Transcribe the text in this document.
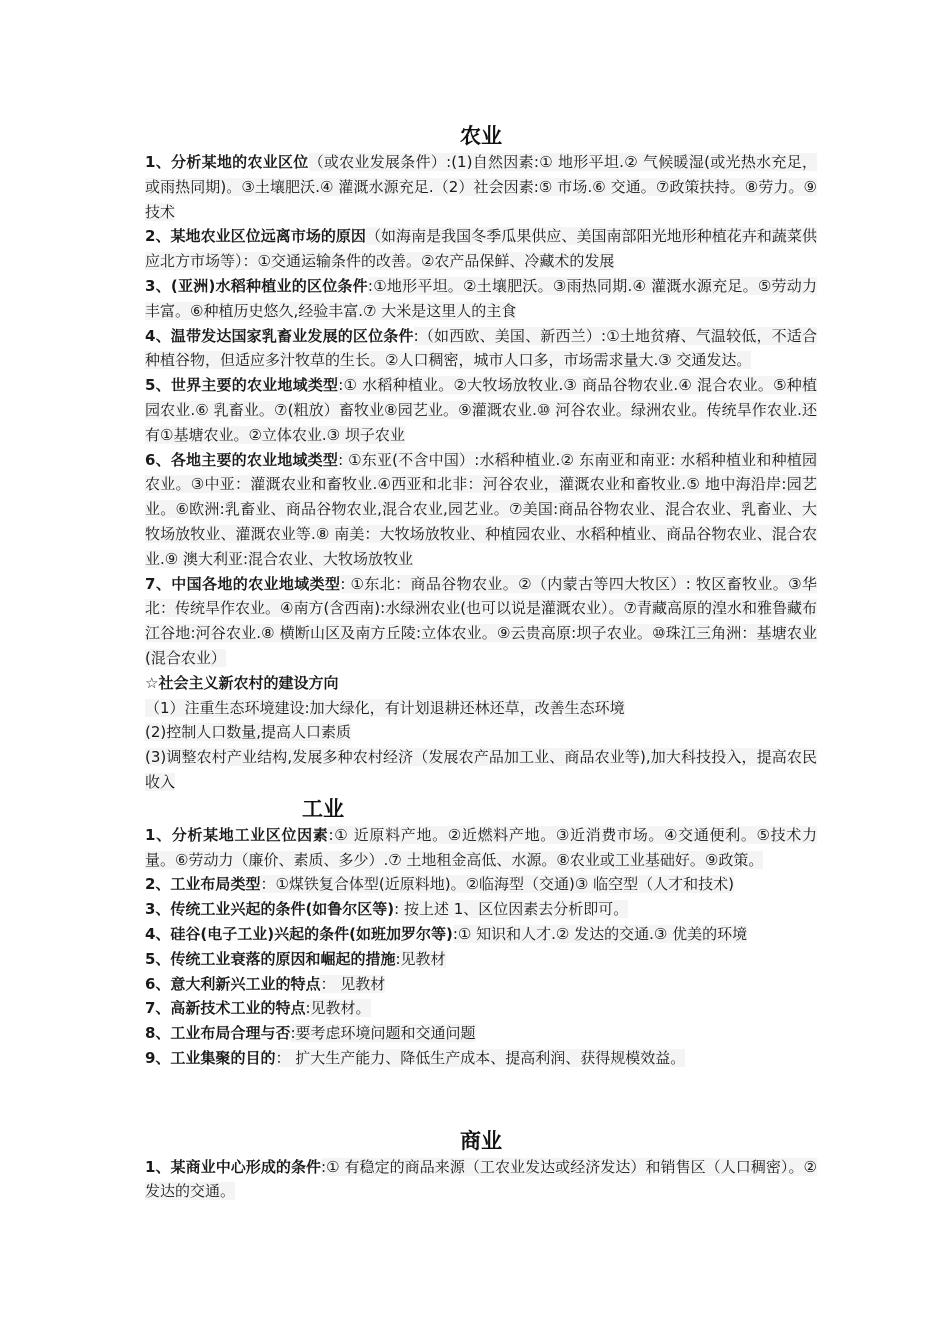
农业

1、分析某地的农业区位（或农业发展条件）:(1)自然因素:① 地形平坦.② 气候暖湿(或光热水充足，或雨热同期)。③土壤肥沃.④ 灌溉水源充足.（2）社会因素:⑤ 市场.⑥ 交通。⑦政策扶持。⑧劳力。⑨技术

2、某地农业区位远离市场的原因（如海南是我国冬季瓜果供应、美国南部阳光地形种植花卉和蔬菜供应北方市场等）：①交通运输条件的改善。②农产品保鲜、冷藏术的发展

3、(亚洲)水稻种植业的区位条件:①地形平坦。②土壤肥沃。③雨热同期.④ 灌溉水源充足。⑤劳动力丰富。⑥种植历史悠久,经验丰富.⑦ 大米是这里人的主食

4、温带发达国家乳畜业发展的区位条件:（如西欧、美国、新西兰）:①土地贫瘠、气温较低，不适合种植谷物，但适应多汁牧草的生长。②人口稠密，城市人口多，市场需求量大.③ 交通发达。

5、世界主要的农业地域类型:① 水稻种植业。②大牧场放牧业.③ 商品谷物农业.④ 混合农业。⑤种植园农业.⑥ 乳畜业。⑦(粗放）畜牧业⑧园艺业。⑨灌溉农业.⑩ 河谷农业。绿洲农业。传统旱作农业.还有①基塘农业。②立体农业.③ 坝子农业

6、各地主要的农业地域类型: ①东亚(不含中国）:水稻种植业.② 东南亚和南亚: 水稻种植业和种植园农业。③中亚：灌溉农业和畜牧业.④西亚和北非：河谷农业，灌溉农业和畜牧业.⑤ 地中海沿岸:园艺业。⑥欧洲:乳畜业、商品谷物农业,混合农业,园艺业。⑦美国:商品谷物农业、混合农业、乳畜业、大牧场放牧业、灌溉农业等.⑧ 南美：大牧场放牧业、种植园农业、水稻种植业、商品谷物农业、混合农业.⑨ 澳大利亚:混合农业、大牧场放牧业

7、中国各地的农业地域类型: ①东北：商品谷物农业。②（内蒙古等四大牧区）: 牧区畜牧业。③华北：传统旱作农业。④南方(含西南):水绿洲农业(也可以说是灌溉农业）。⑦青藏高原的湟水和雅鲁藏布江谷地:河谷农业.⑧ 横断山区及南方丘陵:立体农业。⑨云贵高原:坝子农业。⑩珠江三角洲：基塘农业(混合农业）

☆社会主义新农村的建设方向

（1）注重生态环境建设:加大绿化，有计划退耕还林还草，改善生态环境

(2)控制人口数量,提高人口素质

(3)调整农村产业结构,发展多种农村经济（发展农产品加工业、商品农业等),加大科技投入，提高农民收入

工业

1、分析某地工业区位因素:① 近原料产地。②近燃料产地。③近消费市场。④交通便利。⑤技术力量。⑥劳动力（廉价、素质、多少）.⑦ 土地租金高低、水源。⑧农业或工业基础好。⑨政策。

2、工业布局类型：①煤铁复合体型(近原料地)。②临海型（交通)③ 临空型（人才和技术)

3、传统工业兴起的条件(如鲁尔区等): 按上述 1、区位因素去分析即可。

4、硅谷(电子工业)兴起的条件(如班加罗尔等):① 知识和人才.② 发达的交通.③ 优美的环境

5、传统工业衰落的原因和崛起的措施:见教材

6、意大利新兴工业的特点： 见教材

7、高新技术工业的特点:见教材。

8、工业布局合理与否:要考虑环境问题和交通问题

9、工业集聚的目的： 扩大生产能力、降低生产成本、提高利润、获得规模效益。

商业

1、某商业中心形成的条件:① 有稳定的商品来源（工农业发达或经济发达）和销售区（人口稠密）。②发达的交通。
